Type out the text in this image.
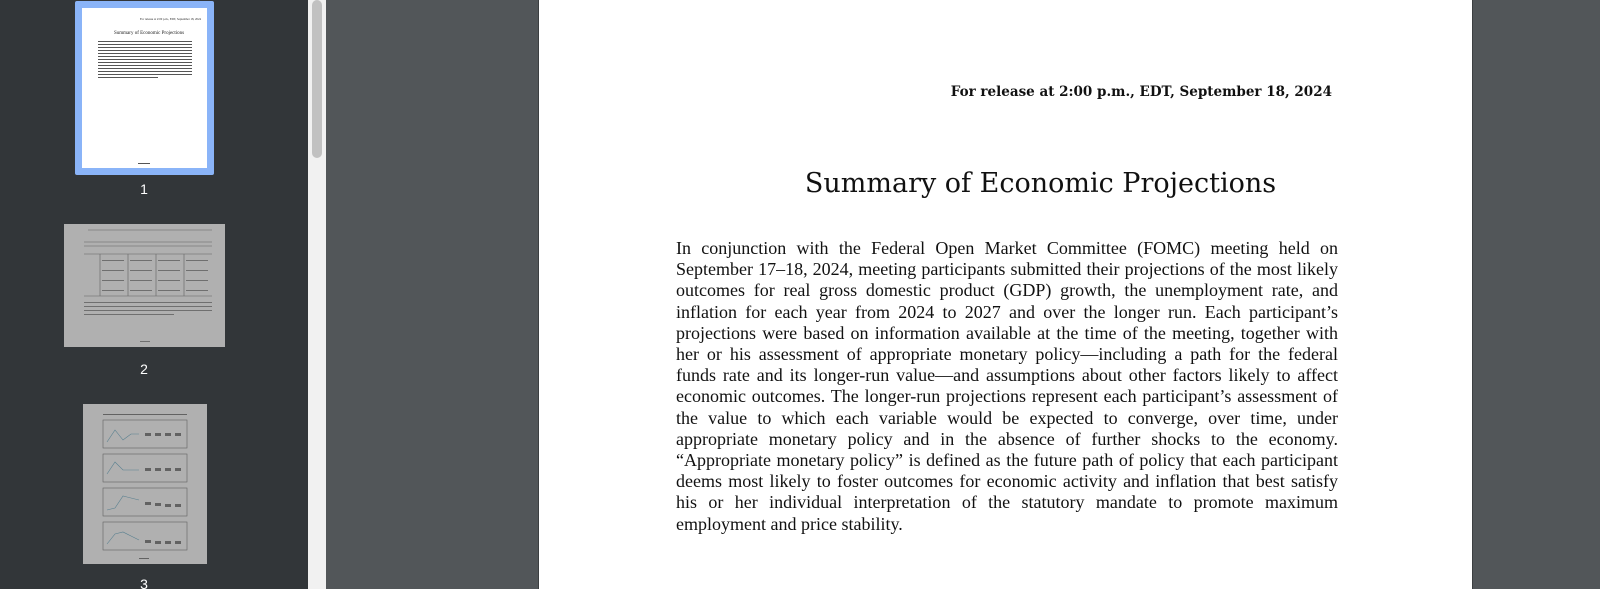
For release at 2:00 p.m., EDT, September 18, 2024
Summary of Economic Projections
1
2
3
For release at 2:00 p.m., EDT, September 18, 2024
Summary of Economic Projections
In conjunction with the Federal Open Market Committee (FOMC) meeting held on September 17–18, 2024, meeting participants submitted their projections of the most likely outcomes for real gross domestic product (GDP) growth, the unemployment rate, and inflation for each year from 2024 to 2027 and over the longer run. Each participant’s projections were based on information available at the time of the meeting, together with her or his assessment of appropriate monetary policy—including a path for the federal funds rate and its longer-run value—and assumptions about other factors likely to affect economic outcomes. The longer-run projections represent each participant’s assessment of the value to which each variable would be expected to converge, over time, under appropriate monetary policy and in the absence of further shocks to the economy. “Appropriate monetary policy” is defined as the future path of policy that each participant deems most likely to foster outcomes for economic activity and inflation that best satisfy his or her individual interpretation of the statutory mandate to promote maximum employment and price stability.
